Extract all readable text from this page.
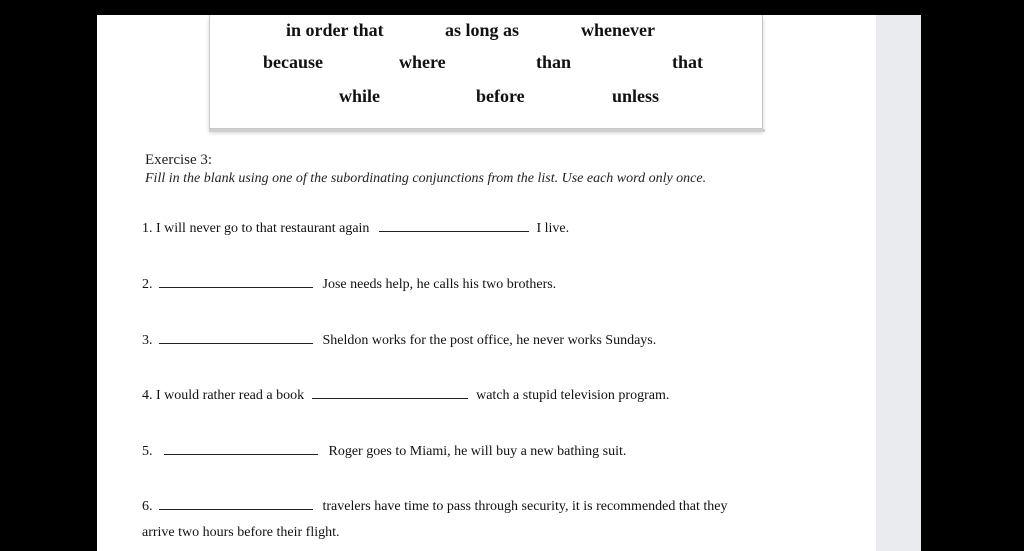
in order that	as long as	whenever
because	where	than	that
while	before	unless
Exercise 3:
Fill in the blank using one of the subordinating conjunctions from the list. Use each word only once.
1. I will never go to that restaurant again	I live.
2.	Jose needs help, he calls his two brothers.
3.	Sheldon works for the post office, he never works Sundays.
4. I would rather read a book	watch a stupid television program.
5.	Roger goes to Miami, he will buy a new bathing suit.
6.	travelers have time to pass through security, it is recommended that they
arrive two hours before their flight.
